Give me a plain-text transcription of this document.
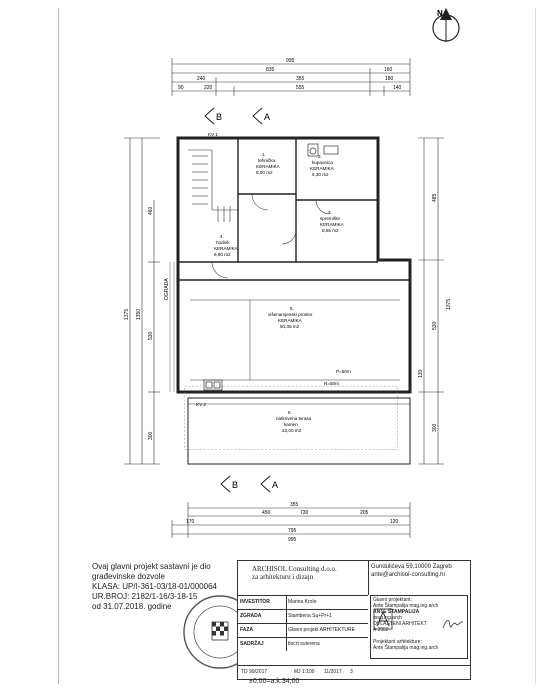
N
995
835	160
240	355	180
90	220	555	140
B	A
1.
tehnička
KERAMIKA
8,00 m2
2.
kupaonica
KERAMIKA
5,30 m2
3.
spremište
KERAMIKA
8,55 m2
4.
hodnik
KERAMIKA
6,80 m2
5.
višenamjenski prostor
KERAMIKA
50,35 m2
6.
natkrivena terasa
kamen
22,00 m2
KV 1
KV 2
P=50m
R=50m
OGRADA
460
1375 1350
530
300
485
1375
530
300
130
B	A
355
730
450	205
120
170
795
995
Ovaj glavni projekt sastavni je dio
građevinske dozvole
KLASA: UP/I-361-03/18-01/000064
UR.BROJ: 2182/1-16/3-18-15
od 31.07.2018. godine
ARCHISOL Consulting d.o.o.
za arhitekturu i dizajn
Gundulićeva 59,10000 Zagreb
ante@archisol-consulting.hr
INVESTITOR	Marina Krolo
ZGRADA	Stambena Su+Pr+1
FAZA	Glavni projekt ARHITEKTURE
SADRŽAJ	tlocrt suterena
Glavni projektant:
Ante Štampalija mag.ing.arch
ANTE ŠTAMPALIJA
mag.ing.arch
OVLAŠTENI ARHITEKT
A 3962
Projektant arhitekture:
Ante Štampalija mag.ing.arch
TD 99/2017	MJ 1:100 11/2017 3
±0,00=a.k.34,00
